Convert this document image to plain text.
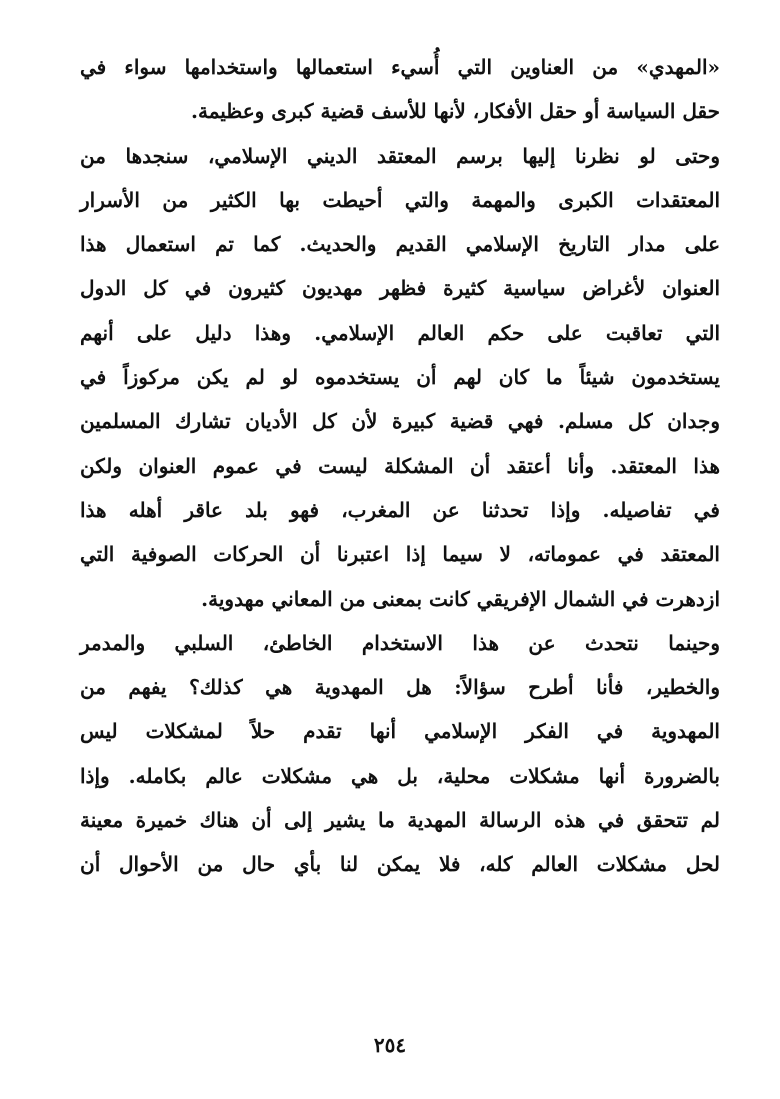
«المهدي» من العناوين التي أُسيء استعمالها واستخدامها سواء في
حقل السياسة أو حقل الأفكار، لأنها للأسف قضية كبرى وعظيمة.
وحتى لو نظرنا إليها برسم المعتقد الديني الإسلامي، سنجدها من
المعتقدات الكبرى والمهمة والتي أحيطت بها الكثير من الأسرار
على مدار التاريخ الإسلامي القديم والحديث. كما تم استعمال هذا
العنوان لأغراض سياسية كثيرة فظهر مهديون كثيرون في كل الدول
التي تعاقبت على حكم العالم الإسلامي. وهذا دليل على أنهم
يستخدمون شيئاً ما كان لهم أن يستخدموه لو لم يكن مركوزاً في
وجدان كل مسلم. فهي قضية كبيرة لأن كل الأديان تشارك المسلمين
هذا المعتقد. وأنا أعتقد أن المشكلة ليست في عموم العنوان ولكن
في تفاصيله. وإذا تحدثنا عن المغرب، فهو بلد عاقر أهله هذا
المعتقد في عموماته، لا سيما إذا اعتبرنا أن الحركات الصوفية التي
ازدهرت في الشمال الإفريقي كانت بمعنى من المعاني مهدوية.
وحينما نتحدث عن هذا الاستخدام الخاطئ، السلبي والمدمر
والخطير، فأنا أطرح سؤالاً: هل المهدوية هي كذلك؟ يفهم من
المهدوية في الفكر الإسلامي أنها تقدم حلاً لمشكلات ليس
بالضرورة أنها مشكلات محلية، بل هي مشكلات عالم بكامله. وإذا
لم تتحقق في هذه الرسالة المهدية ما يشير إلى أن هناك خميرة معينة
لحل مشكلات العالم كله، فلا يمكن لنا بأي حال من الأحوال أن
٢٥٤
